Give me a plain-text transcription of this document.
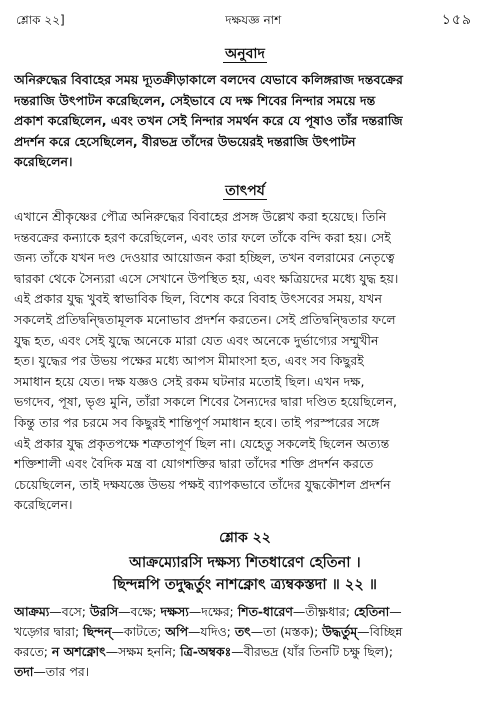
শ্লোক ২২]	দক্ষযজ্ঞ নাশ	১৫৯
অনুবাদ
অনিরুদ্ধের বিবাহের সময় দ্যূতক্রীড়াকালে বলদেব যেভাবে কলিঙ্গরাজ দন্তবক্রের
দন্তরাজি উৎপাটন করেছিলেন, সেইভাবে যে দক্ষ শিবের নিন্দার সময়ে দন্ত
প্রকাশ করেছিলেন, এবং তখন সেই নিন্দার সমর্থন করে যে পূষাও তাঁর দন্তরাজি
প্রদর্শন করে হেসেছিলেন, বীরভদ্র তাঁদের উভয়েরই দন্তরাজি উৎপাটন
করেছিলেন।
তাৎপর্য
এখানে শ্রীকৃষ্ণের পৌত্র অনিরুদ্ধের বিবাহের প্রসঙ্গ উল্লেখ করা হয়েছে। তিনি
দন্তবক্রের কন্যাকে হরণ করেছিলেন, এবং তার ফলে তাঁকে বন্দি করা হয়। সেই
জন্য তাঁকে যখন দণ্ড দেওয়ার আয়োজন করা হচ্ছিল, তখন বলরামের নেতৃত্বে
দ্বারকা থেকে সৈন্যরা এসে সেখানে উপস্থিত হয়, এবং ক্ষত্রিয়দের মধ্যে যুদ্ধ হয়।
এই প্রকার যুদ্ধ খুবই স্বাভাবিক ছিল, বিশেষ করে বিবাহ উৎসবের সময়, যখন
সকলেই প্রতিদ্বন্দ্বিতামূলক মনোভাব প্রদর্শন করতেন। সেই প্রতিদ্বন্দ্বিতার ফলে
যুদ্ধ হত, এবং সেই যুদ্ধে অনেকে মারা যেত এবং অনেকে দুর্ভাগ্যের সম্মুখীন
হত। যুদ্ধের পর উভয় পক্ষের মধ্যে আপস মীমাংসা হত, এবং সব কিছুরই
সমাধান হয়ে যেত। দক্ষ যজ্ঞও সেই রকম ঘটনার মতোই ছিল। এখন দক্ষ,
ভগদেব, পূষা, ভৃগু মুনি, তাঁরা সকলে শিবের সৈন্যদের দ্বারা দণ্ডিত হয়েছিলেন,
কিন্তু তার পর চরমে সব কিছুরই শান্তিপূর্ণ সমাধান হবে। তাই পরস্পরের সঙ্গে
এই প্রকার যুদ্ধ প্রকৃতপক্ষে শত্রুতাপূর্ণ ছিল না। যেহেতু সকলেই ছিলেন অত্যন্ত
শক্তিশালী এবং বৈদিক মন্ত্র বা যোগশক্তির দ্বারা তাঁদের শক্তি প্রদর্শন করতে
চেয়েছিলেন, তাই দক্ষযজ্ঞে উভয় পক্ষই ব্যাপকভাবে তাঁদের যুদ্ধকৌশল প্রদর্শন
করেছিলেন।
শ্লোক ২২
আক্রম্যোরসি দক্ষস্য শিতধারেণ হেতিনা ।
ছিন্দন্নপি তদুদ্ধর্তুং নাশক্নোৎ ত্র্যম্বকস্তদা ॥ ২২ ॥
আক্রম্য—বসে; উরসি—বক্ষে; দক্ষস্য—দক্ষের; শিত-ধারেণ—তীক্ষ্ণধার; হেতিনা—
খড়্গের দ্বারা; ছিন্দন্—কাটতে; অপি—যদিও; তৎ—তা (মস্তক); উদ্ধর্তুম্—বিচ্ছিন্ন
করতে; ন অশক্নোৎ—সক্ষম হননি; ত্রি-অম্বকঃ—বীরভদ্র (যাঁর তিনটি চক্ষু ছিল);
তদা—তার পর।
